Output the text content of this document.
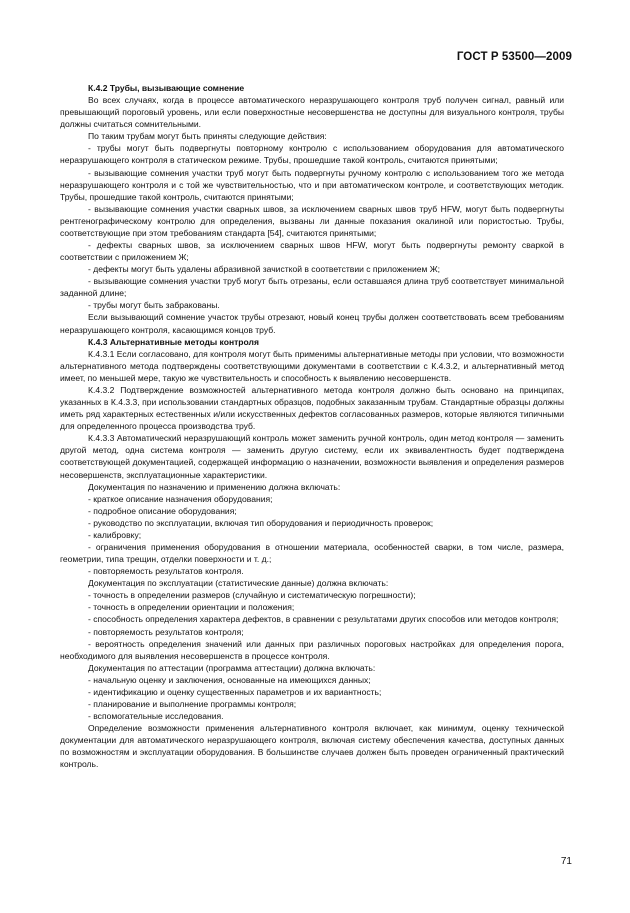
ГОСТ Р 53500—2009

К.4.2 Трубы, вызывающие сомнение

Во всех случаях, когда в процессе автоматического неразрушающего контроля труб получен сигнал, равный или превышающий пороговый уровень, или если поверхностные несовершенства не доступны для визуального контроля, трубы должны считаться сомнительными.

По таким трубам могут быть приняты следующие действия:

- трубы могут быть подвергнуты повторному контролю с использованием оборудования для автоматического неразрушающего контроля в статическом режиме. Трубы, прошедшие такой контроль, считаются принятыми;

- вызывающие сомнения участки труб могут быть подвергнуты ручному контролю с использованием того же метода неразрушающего контроля и с той же чувствительностью, что и при автоматическом контроле, и соответствующих методик. Трубы, прошедшие такой контроль, считаются принятыми;

- вызывающие сомнения участки сварных швов, за исключением сварных швов труб HFW, могут быть подвергнуты рентгенографическому контролю для определения, вызваны ли данные показания окалиной или пористостью. Трубы, соответствующие при этом требованиям стандарта [54], считаются принятыми;

- дефекты сварных швов, за исключением сварных швов HFW, могут быть подвергнуты ремонту сваркой в соответствии с приложением Ж;

- дефекты могут быть удалены абразивной зачисткой в соответствии с приложением Ж;

- вызывающие сомнения участки труб могут быть отрезаны, если оставшаяся длина труб соответствует минимальной заданной длине;

- трубы могут быть забракованы.

Если вызывающий сомнение участок трубы отрезают, новый конец трубы должен соответствовать всем требованиям неразрушающего контроля, касающимся концов труб.

К.4.3 Альтернативные методы контроля

К.4.3.1 Если согласовано, для контроля могут быть применимы альтернативные методы при условии, что возможности альтернативного метода подтверждены соответствующими документами в соответствии с К.4.3.2, и альтернативный метод имеет, по меньшей мере, такую же чувствительность и способность к выявлению несовершенств.

К.4.3.2 Подтверждение возможностей альтернативного метода контроля должно быть основано на принципах, указанных в К.4.3.3, при использовании стандартных образцов, подобных заказанным трубам. Стандартные образцы должны иметь ряд характерных естественных и/или искусственных дефектов согласованных размеров, которые являются типичными для определенного процесса производства труб.

К.4.3.3 Автоматический неразрушающий контроль может заменить ручной контроль, один метод контроля — заменить другой метод, одна система контроля — заменить другую систему, если их эквивалентность будет подтверждена соответствующей документацией, содержащей информацию о назначении, возможности выявления и определения размеров несовершенств, эксплуатационные характеристики.

Документация по назначению и применению должна включать:

- краткое описание назначения оборудования;

- подробное описание оборудования;

- руководство по эксплуатации, включая тип оборудования и периодичность проверок;

- калибровку;

- ограничения применения оборудования в отношении материала, особенностей сварки, в том числе, размера, геометрии, типа трещин, отделки поверхности и т. д.;

- повторяемость результатов контроля.

Документация по эксплуатации (статистические данные) должна включать:

- точность в определении размеров (случайную и систематическую погрешности);

- точность в определении ориентации и положения;

- способность определения характера дефектов, в сравнении с результатами других способов или методов контроля;

- повторяемость результатов контроля;

- вероятность определения значений или данных при различных пороговых настройках для определения порога, необходимого для выявления несовершенств в процессе контроля.

Документация по аттестации (программа аттестации) должна включать:

- начальную оценку и заключения, основанные на имеющихся данных;

- идентификацию и оценку существенных параметров и их вариантность;

- планирование и выполнение программы контроля;

- вспомогательные исследования.

Определение возможности применения альтернативного контроля включает, как минимум, оценку технической документации для автоматического неразрушающего контроля, включая систему обеспечения качества, доступных данных по возможностям и эксплуатации оборудования. В большинстве случаев должен быть проведен ограниченный практический контроль.

71
